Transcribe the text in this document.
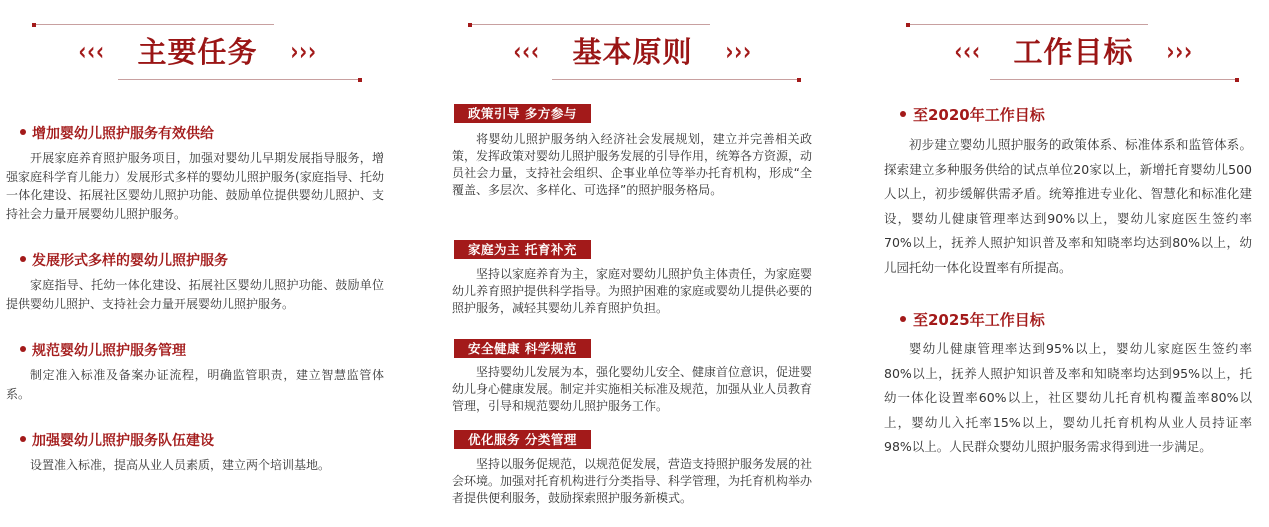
‹‹‹ 主要任务 ›››
增加婴幼儿照护服务有效供给
开展家庭养育照护服务项目，加强对婴幼儿早期发展指导服务，增强家庭科学育儿能力）发展形式多样的婴幼儿照护服务(家庭指导、托幼一体化建设、拓展社区婴幼儿照护功能、鼓励单位提供婴幼儿照护、支持社会力量开展婴幼儿照护服务。
发展形式多样的婴幼儿照护服务
家庭指导、托幼一体化建设、拓展社区婴幼儿照护功能、鼓励单位提供婴幼儿照护、支持社会力量开展婴幼儿照护服务。
规范婴幼儿照护服务管理
制定准入标准及备案办证流程，明确监管职责，建立智慧监管体系。
加强婴幼儿照护服务队伍建设
设置准入标准，提高从业人员素质，建立两个培训基地。
‹‹‹ 基本原则 ›››
政策引导 多方参与
将婴幼儿照护服务纳入经济社会发展规划，建立并完善相关政策，发挥政策对婴幼儿照护服务发展的引导作用，统筹各方资源，动员社会力量，支持社会组织、企事业单位等举办托育机构，形成“全覆盖、多层次、多样化、可选择”的照护服务格局。
家庭为主 托育补充
坚持以家庭养育为主，家庭对婴幼儿照护负主体责任，为家庭婴幼儿养育照护提供科学指导。为照护困难的家庭或婴幼儿提供必要的照护服务，减轻其婴幼儿养育照护负担。
安全健康 科学规范
坚持婴幼儿发展为本，强化婴幼儿安全、健康首位意识，促进婴幼儿身心健康发展。制定并实施相关标准及规范，加强从业人员教育管理，引导和规范婴幼儿照护服务工作。
优化服务 分类管理
坚持以服务促规范，以规范促发展，营造支持照护服务发展的社会环境。加强对托育机构进行分类指导、科学管理，为托育机构举办者提供便利服务，鼓励探索照护服务新模式。
‹‹‹ 工作目标 ›››
至2020年工作目标
初步建立婴幼儿照护服务的政策体系、标准体系和监管体系。探索建立多种服务供给的试点单位20家以上，新增托育婴幼儿500人以上，初步缓解供需矛盾。统筹推进专业化、智慧化和标准化建设，婴幼儿健康管理率达到90%以上，婴幼儿家庭医生签约率70%以上，抚养人照护知识普及率和知晓率均达到80%以上，幼儿园托幼一体化设置率有所提高。
至2025年工作目标
婴幼儿健康管理率达到95%以上，婴幼儿家庭医生签约率80%以上，抚养人照护知识普及率和知晓率均达到95%以上，托幼一体化设置率60%以上，社区婴幼儿托育机构覆盖率80%以上，婴幼儿入托率15%以上，婴幼儿托育机构从业人员持证率98%以上。人民群众婴幼儿照护服务需求得到进一步满足。
